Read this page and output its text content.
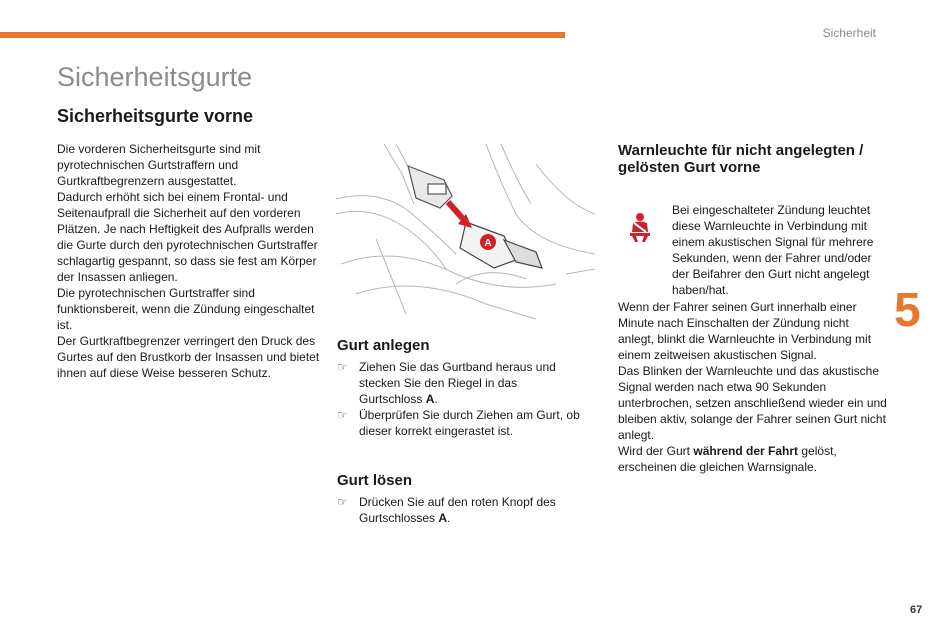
Sicherheit
Sicherheitsgurte
Sicherheitsgurte vorne

Die vorderen Sicherheitsgurte sind mit pyrotechnischen Gurtstraffern und Gurtkraftbegrenzern ausgestattet.

Dadurch erhöht sich bei einem Frontal- und Seitenaufprall die Sicherheit auf den vorderen Plätzen. Je nach Heftigkeit des Aufpralls werden die Gurte durch den pyrotechnischen Gurtstraffer schlagartig gespannt, so dass sie fest am Körper der Insassen anliegen.

Die pyrotechnischen Gurtstraffer sind funktionsbereit, wenn die Zündung eingeschaltet ist.

Der Gurtkraftbegrenzer verringert den Druck des Gurtes auf den Brustkorb der Insassen und bietet ihnen auf diese Weise besseren Schutz.

A
Gurt anlegen
☞ Ziehen Sie das Gurtband heraus und stecken Sie den Riegel in das Gurtschloss A.
☞ Überprüfen Sie durch Ziehen am Gurt, ob dieser korrekt eingerastet ist.
Gurt lösen
☞ Drücken Sie auf den roten Knopf des Gurtschlosses A.
Warnleuchte für nicht angelegten / gelösten Gurt vorne
Bei eingeschalteter Zündung leuchtet diese Warnleuchte in Verbindung mit einem akustischen Signal für mehrere Sekunden, wenn der Fahrer und/oder der Beifahrer den Gurt nicht angelegt haben/hat.

Wenn der Fahrer seinen Gurt innerhalb einer Minute nach Einschalten der Zündung nicht anlegt, blinkt die Warnleuchte in Verbindung mit einem zeitweisen akustischen Signal.

Das Blinken der Warnleuchte und das akustische Signal werden nach etwa 90 Sekunden unterbrochen, setzen anschließend wieder ein und bleiben aktiv, solange der Fahrer seinen Gurt nicht anlegt.

Wird der Gurt während der Fahrt gelöst, erscheinen die gleichen Warnsignale.

5
67
